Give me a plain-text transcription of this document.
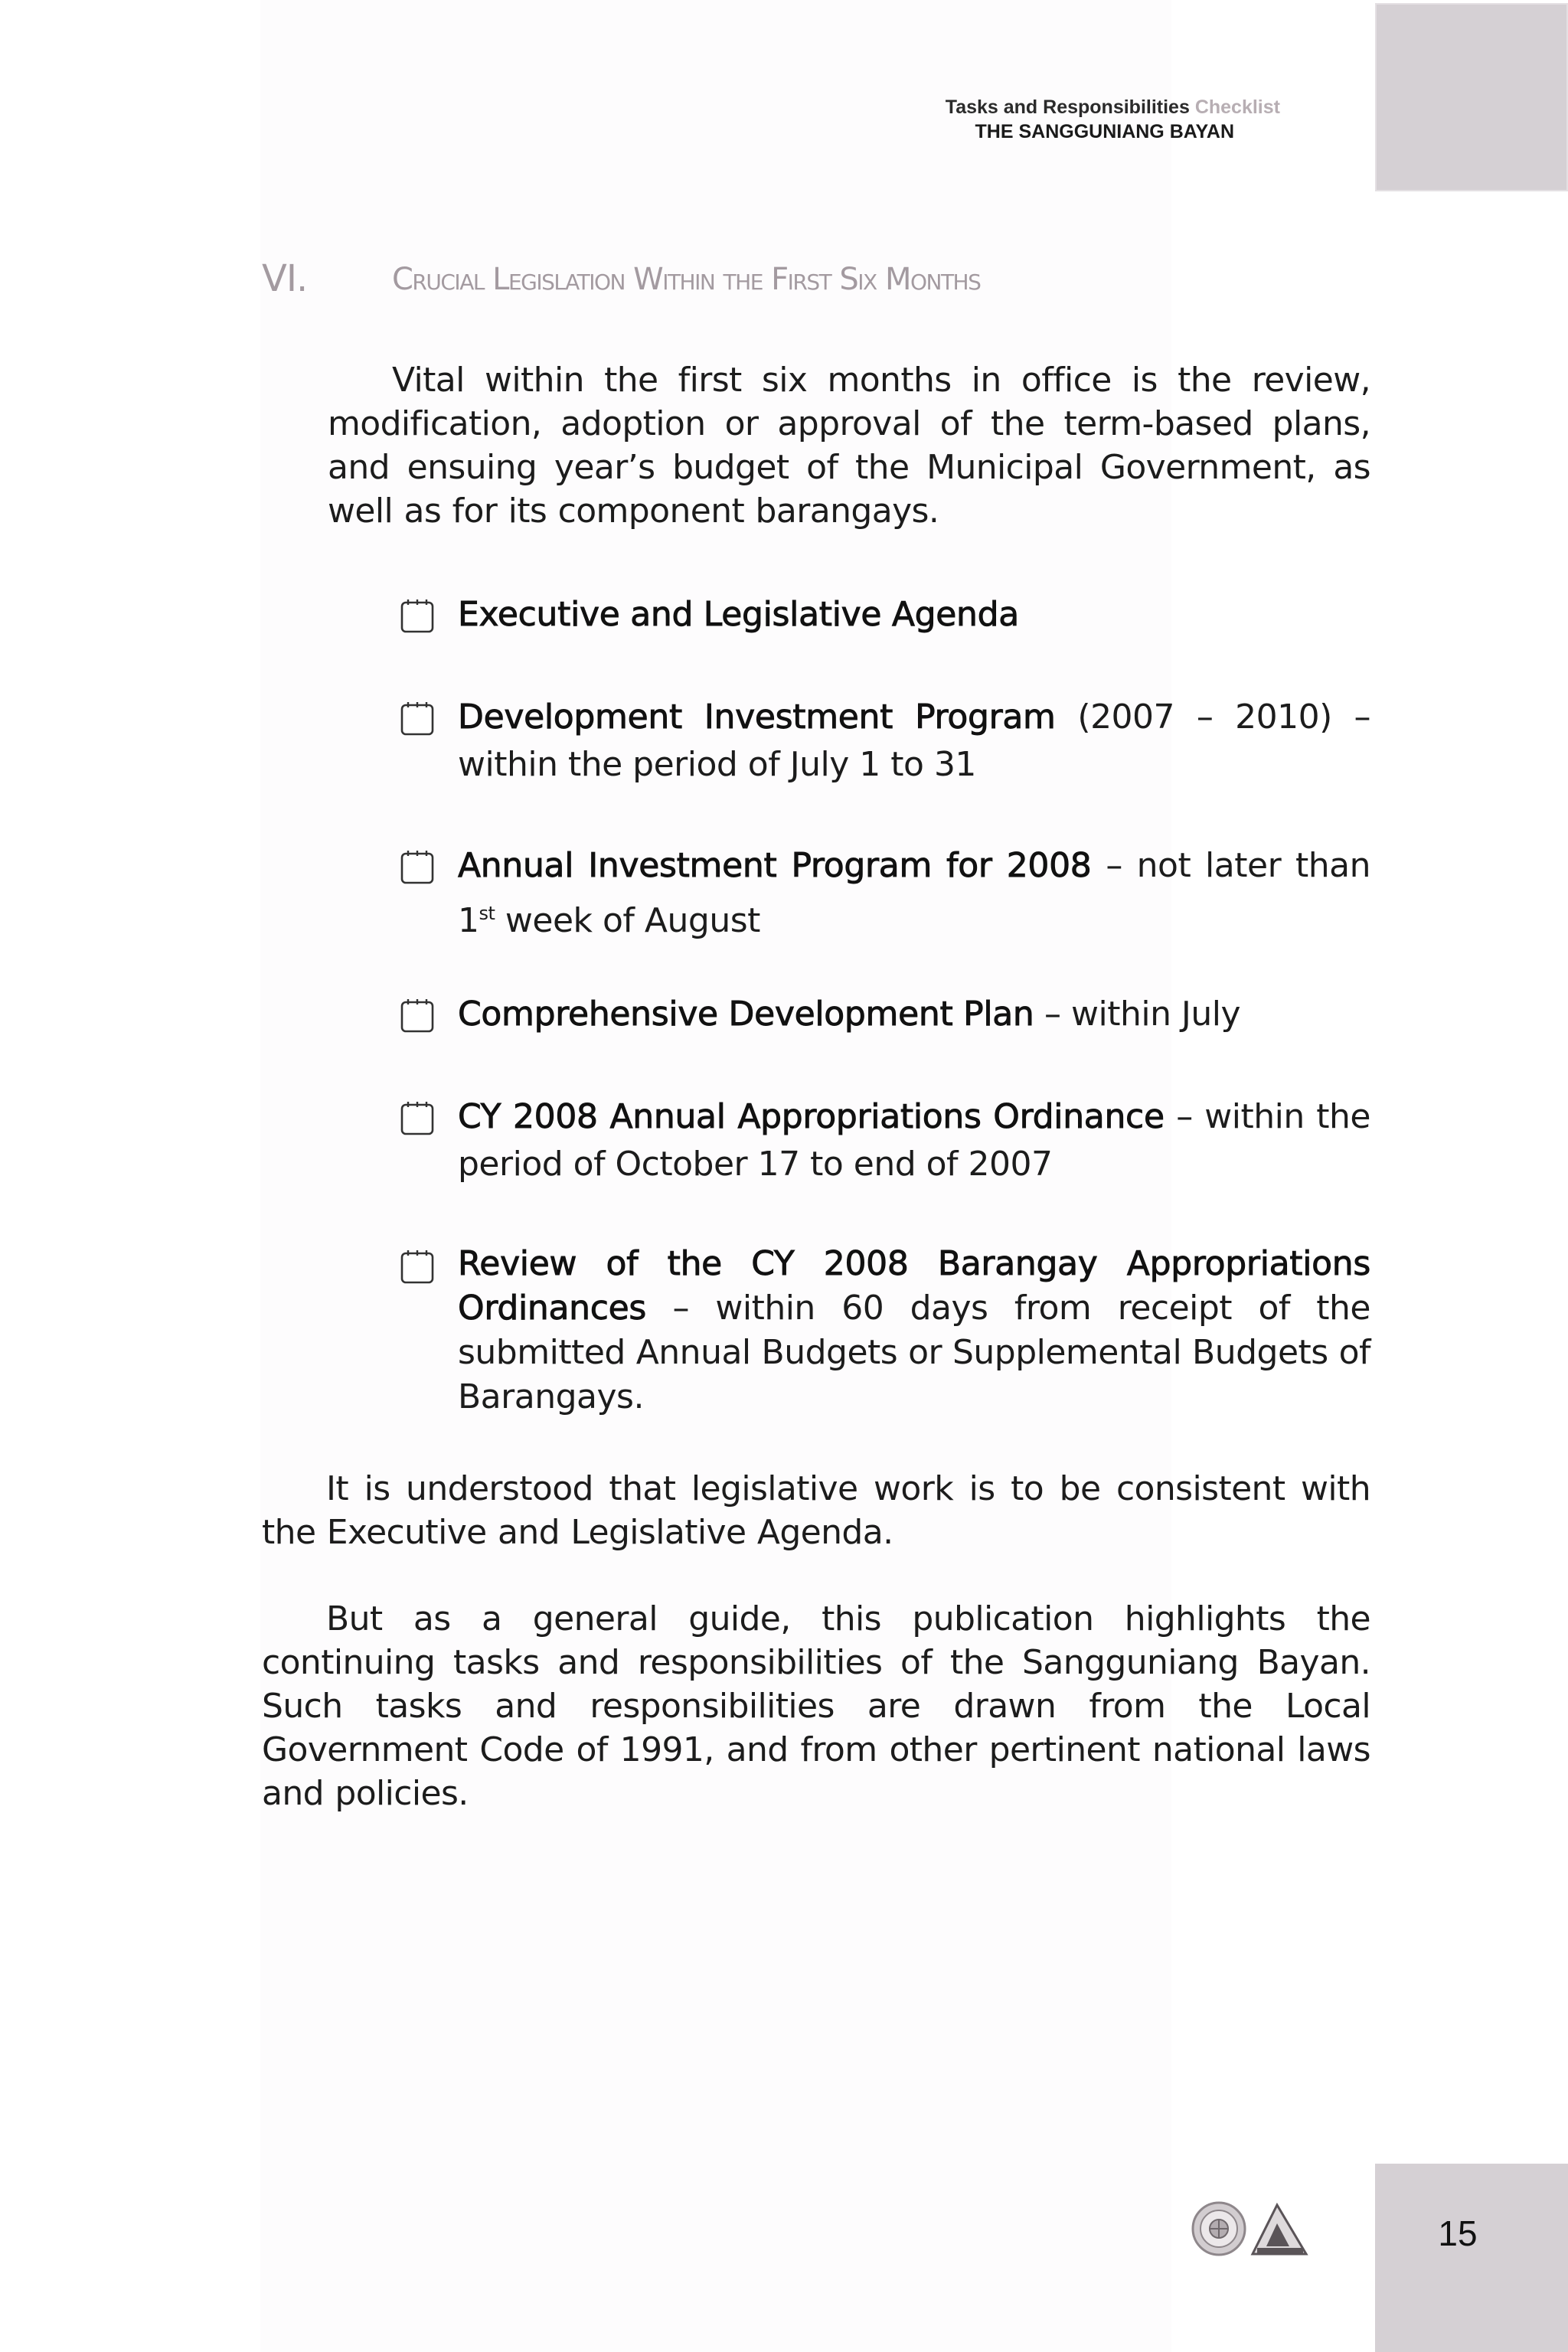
Tasks and Responsibilities Checklist
THE SANGGUNIANG BAYAN
VI.	Crucial Legislation Within the First Six Months
Vital within the first six months in office is the review, modification, adoption or approval of the term-based plans, and ensuing year’s budget of the Municipal Government, as well as for its component barangays.
Executive and Legislative Agenda
Development Investment Program (2007 – 2010) – within the period of July 1 to 31
Annual Investment Program for 2008 – not later than 1st week of August
Comprehensive Development Plan – within July
CY 2008 Annual Appropriations Ordinance – within the period of October 17 to end of 2007
Review of the CY 2008 Barangay Appropriations Ordinances – within 60 days from receipt of the submitted Annual Budgets or Supplemental Budgets of Barangays.
It is understood that legislative work is to be consistent with the Executive and Legislative Agenda.
But as a general guide, this publication highlights the continuing tasks and responsibilities of the Sangguniang Bayan. Such tasks and responsibilities are drawn from the Local Government Code of 1991, and from other pertinent national laws and policies.
15
